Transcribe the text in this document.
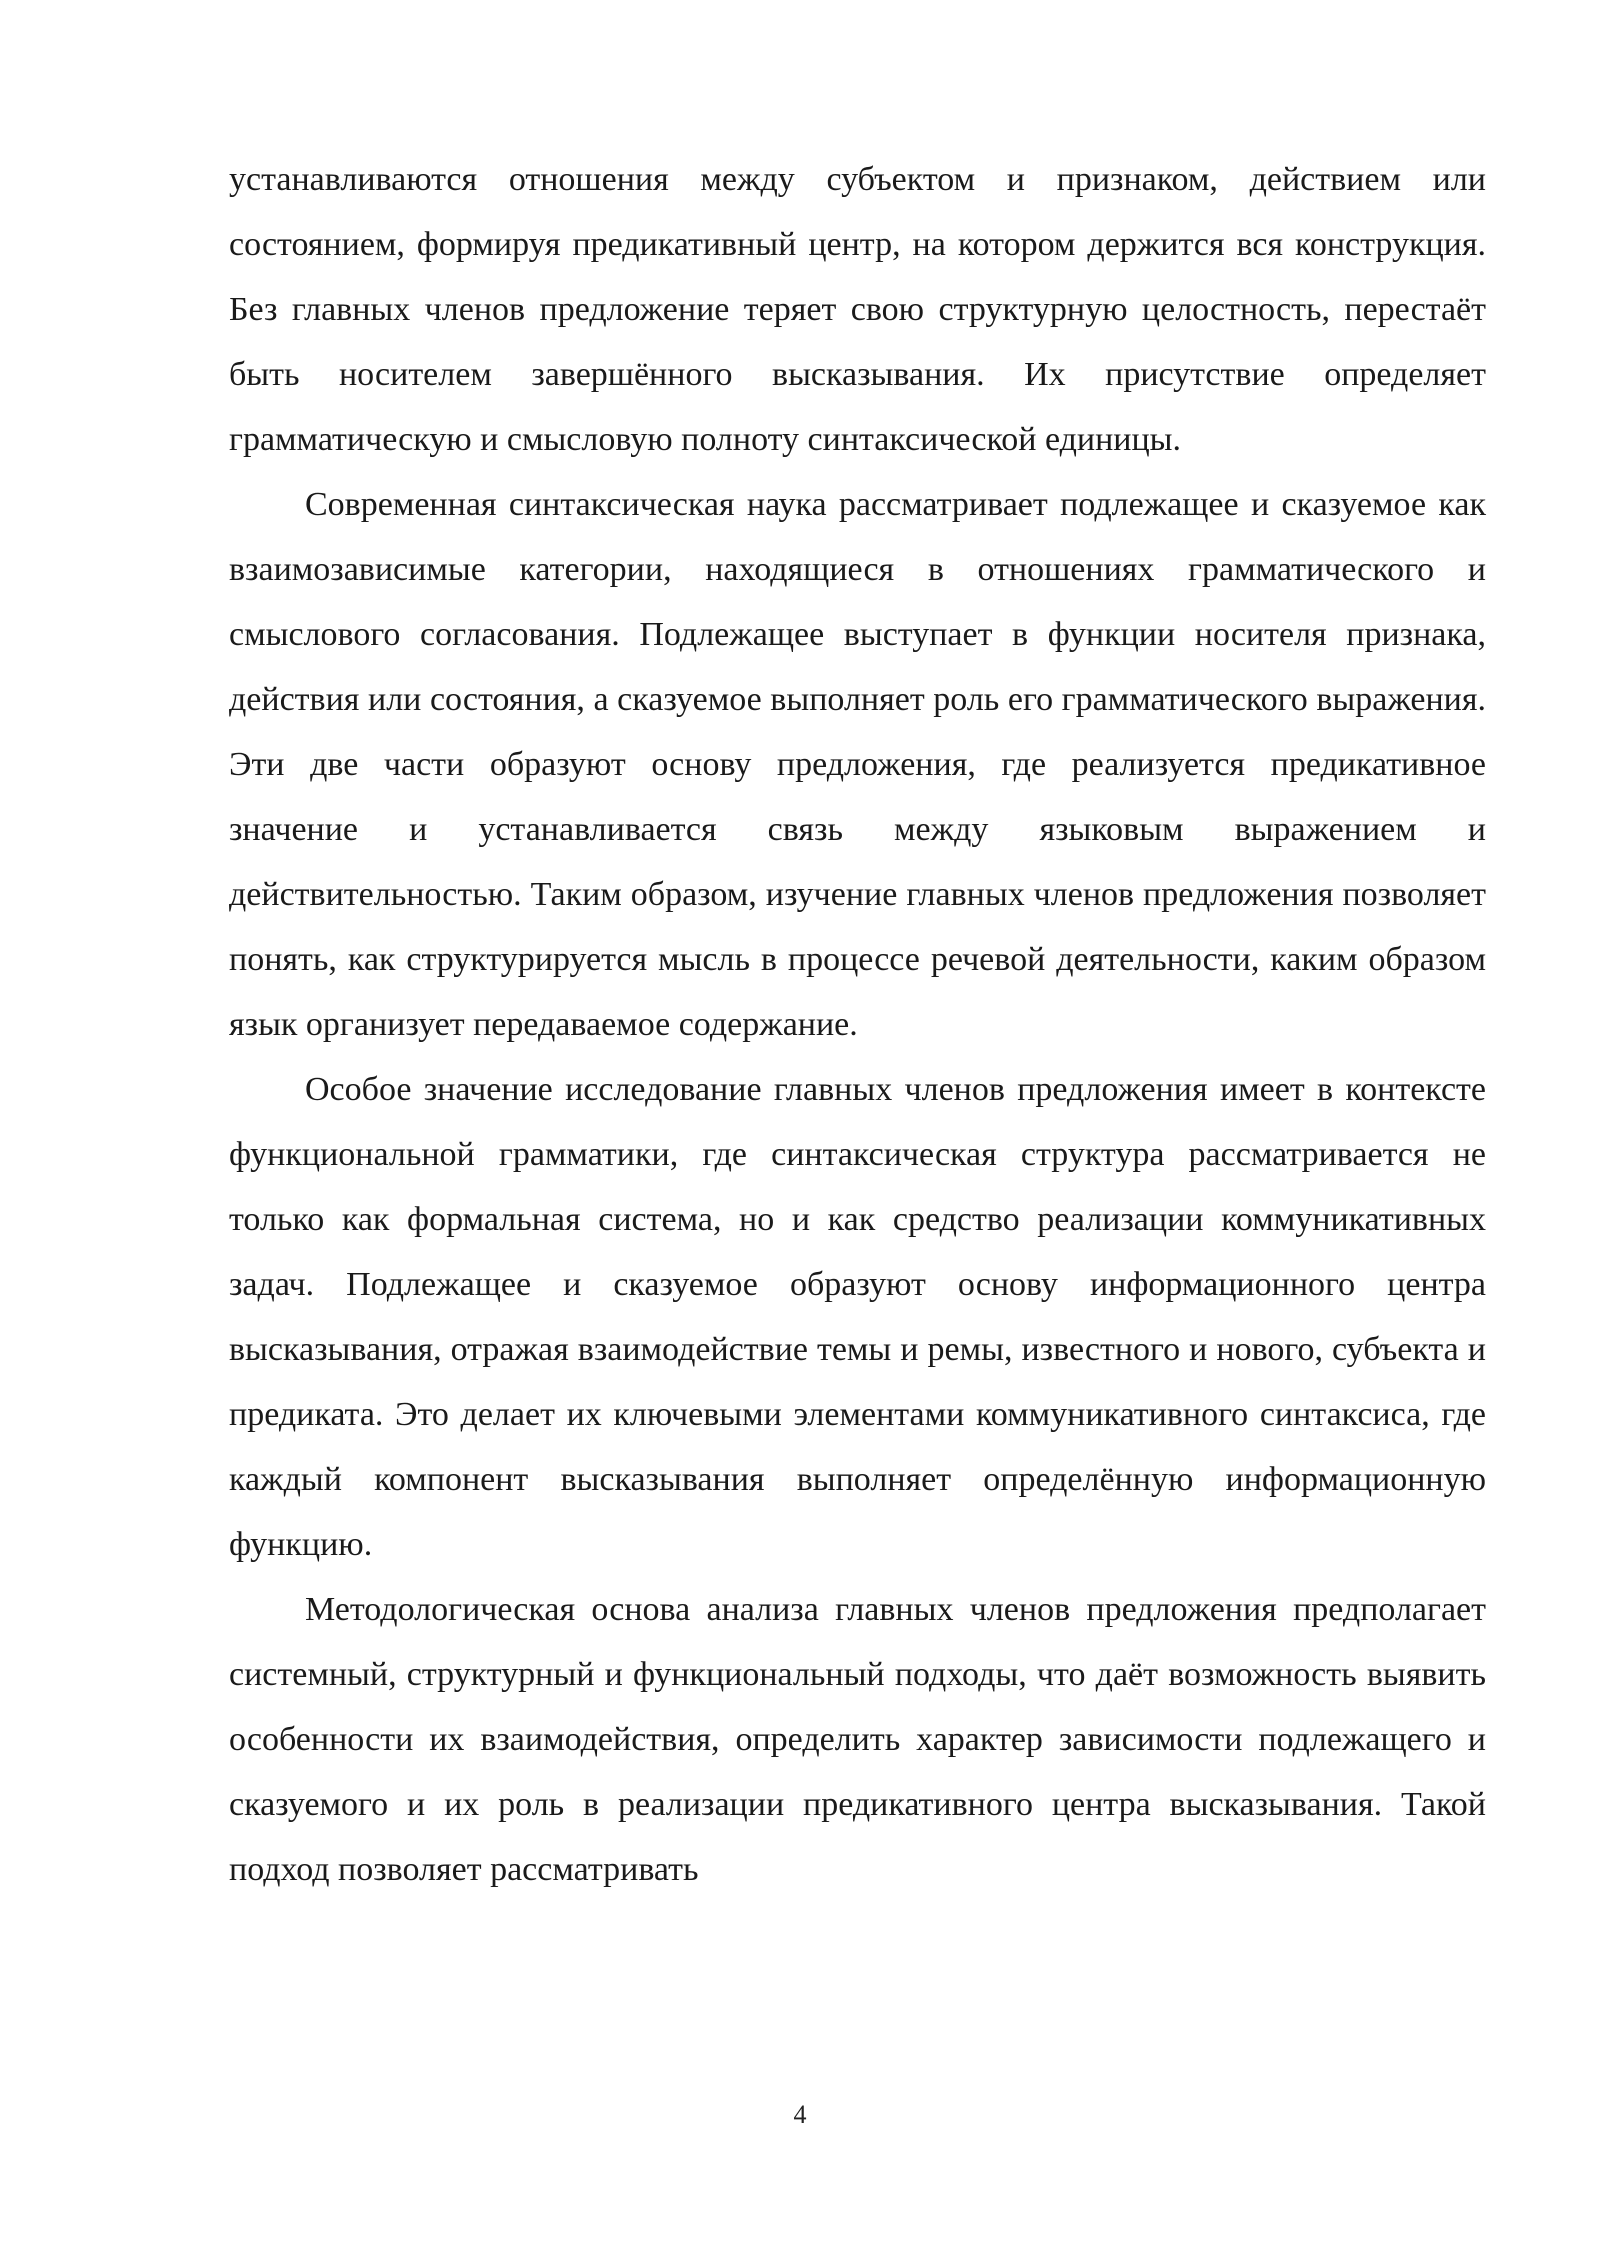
устанавливаются отношения между субъектом и признаком, действием или состоянием, формируя предикативный центр, на котором держится вся конструкция. Без главных членов предложение теряет свою структурную целостность, перестаёт быть носителем завершённого высказывания. Их присутствие определяет грамматическую и смысловую полноту синтаксической единицы.

Современная синтаксическая наука рассматривает подлежащее и сказуемое как взаимозависимые категории, находящиеся в отношениях грамматического и смыслового согласования. Подлежащее выступает в функции носителя признака, действия или состояния, а сказуемое выполняет роль его грамматического выражения. Эти две части образуют основу предложения, где реализуется предикативное значение и устанавливается связь между языковым выражением и действительностью. Таким образом, изучение главных членов предложения позволяет понять, как структурируется мысль в процессе речевой деятельности, каким образом язык организует передаваемое содержание.

Особое значение исследование главных членов предложения имеет в контексте функциональной грамматики, где синтаксическая структура рассматривается не только как формальная система, но и как средство реализации коммуникативных задач. Подлежащее и сказуемое образуют основу информационного центра высказывания, отражая взаимодействие темы и ремы, известного и нового, субъекта и предиката. Это делает их ключевыми элементами коммуникативного синтаксиса, где каждый компонент высказывания выполняет определённую информационную функцию.

Методологическая основа анализа главных членов предложения предполагает системный, структурный и функциональный подходы, что даёт возможность выявить особенности их взаимодействия, определить характер зависимости подлежащего и сказуемого и их роль в реализации предикативного центра высказывания. Такой подход позволяет рассматривать

4
